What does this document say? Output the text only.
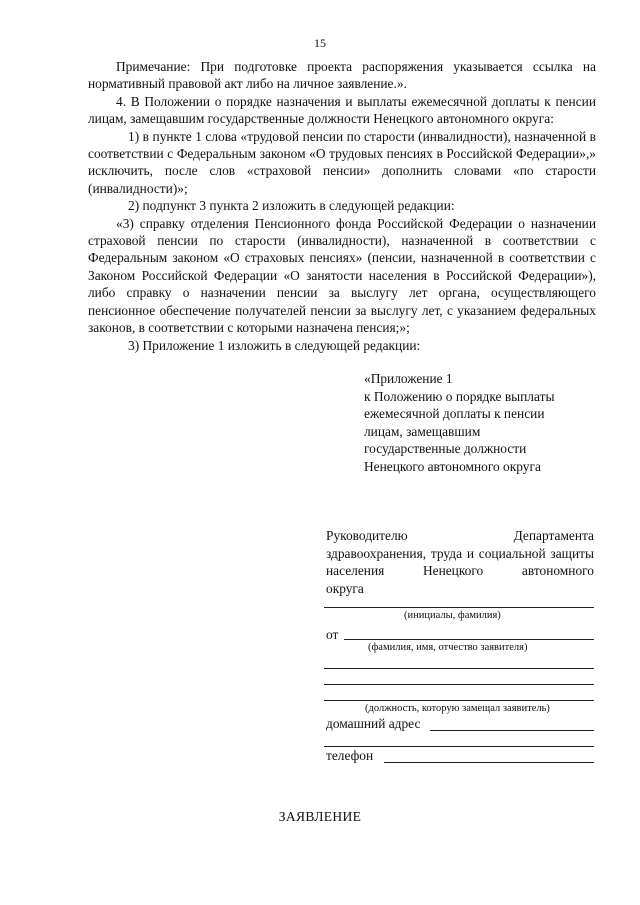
15

Примечание: При подготовке проекта распоряжения указывается ссылка на нормативный правовой акт либо на личное заявление.».

4. В Положении о порядке назначения и выплаты ежемесячной доплаты к пенсии лицам, замещавшим государственные должности Ненецкого автономного округа:

1) в пункте 1 слова «трудовой пенсии по старости (инвалидности), назначенной в соответствии с Федеральным законом «О трудовых пенсиях в Российской Федерации»,» исключить, после слов «страховой пенсии» дополнить словами «по старости (инвалидности)»;

2) подпункт 3 пункта 2 изложить в следующей редакции:

«3) справку отделения Пенсионного фонда Российской Федерации о назначении страховой пенсии по старости (инвалидности), назначенной в соответствии с Федеральным законом «О страховых пенсиях» (пенсии, назначенной в соответствии с Законом Российской Федерации «О занятости населения в Российской Федерации»), либо справку о назначении пенсии за выслугу лет органа, осуществляющего пенсионное обеспечение получателей пенсии за выслугу лет, с указанием федеральных законов, в соответствии с которыми назначена пенсия;»;

3) Приложение 1 изложить в следующей редакции:

«Приложение 1
к Положению о порядке выплаты
ежемесячной доплаты к пенсии
лицам, замещавшим
государственные должности
Ненецкого автономного округа
Руководителю Департамента здравоохранения, труда и социальной защиты населения Ненецкого автономного
округа
(инициалы, фамилия)
от
(фамилия, имя, отчество заявителя)
(должность, которую замещал заявитель)
домашний адрес
телефон
ЗАЯВЛЕНИЕ
